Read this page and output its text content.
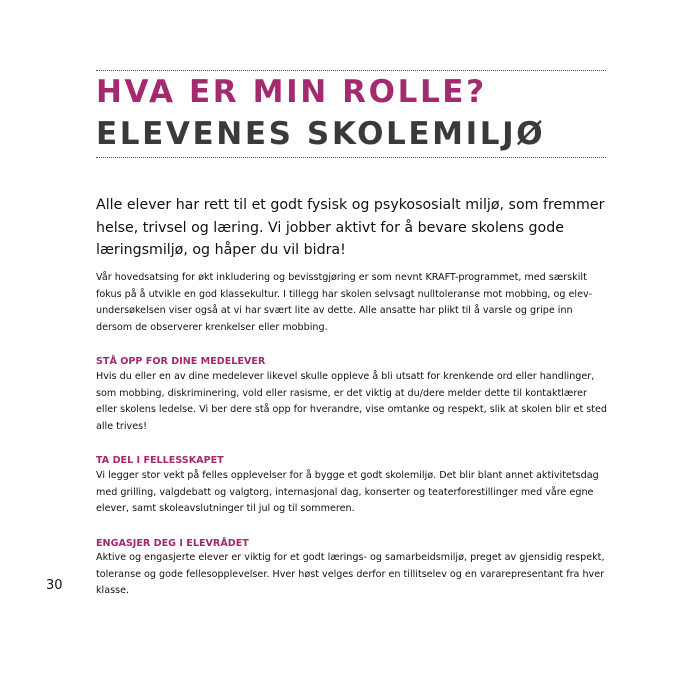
HVA ER MIN ROLLE?
ELEVENES SKOLEMILJØ
Alle elever har rett til et godt fysisk og psykososialt miljø, som fremmer helse, trivsel og læring. Vi jobber aktivt for å bevare skolens gode læringsmiljø, og håper du vil bidra!
Vår hovedsatsing for økt inkludering og bevisstgjøring er som nevnt KRAFT-programmet, med særskilt fokus på å utvikle en god klassekultur. I tillegg har skolen selvsagt nulltoleranse mot mobbing, og elevundersøkelsen viser også at vi har svært lite av dette. Alle ansatte har plikt til å varsle og gripe inn dersom de observerer krenkelser eller mobbing.
STÅ OPP FOR DINE MEDELEVER
Hvis du eller en av dine medelever likevel skulle oppleve å bli utsatt for krenkende ord eller handlinger, som mobbing, diskriminering, vold eller rasisme, er det viktig at du/dere melder dette til kontaktlærer eller skolens ledelse. Vi ber dere stå opp for hverandre, vise omtanke og respekt, slik at skolen blir et sted alle trives!
TA DEL I FELLESSKAPET
Vi legger stor vekt på felles opplevelser for å bygge et godt skolemiljø. Det blir blant annet aktivitetsdag med grilling, valgdebatt og valgtorg, internasjonal dag, konserter og teaterforestillinger med våre egne elever, samt skoleavslutninger til jul og til sommeren.
ENGASJER DEG I ELEVRÅDET
Aktive og engasjerte elever er viktig for et godt lærings- og samarbeidsmiljø, preget av gjensidig respekt, toleranse og gode fellesopplevelser. Hver høst velges derfor en tillitselev og en vararepresentant fra hver klasse.
30
